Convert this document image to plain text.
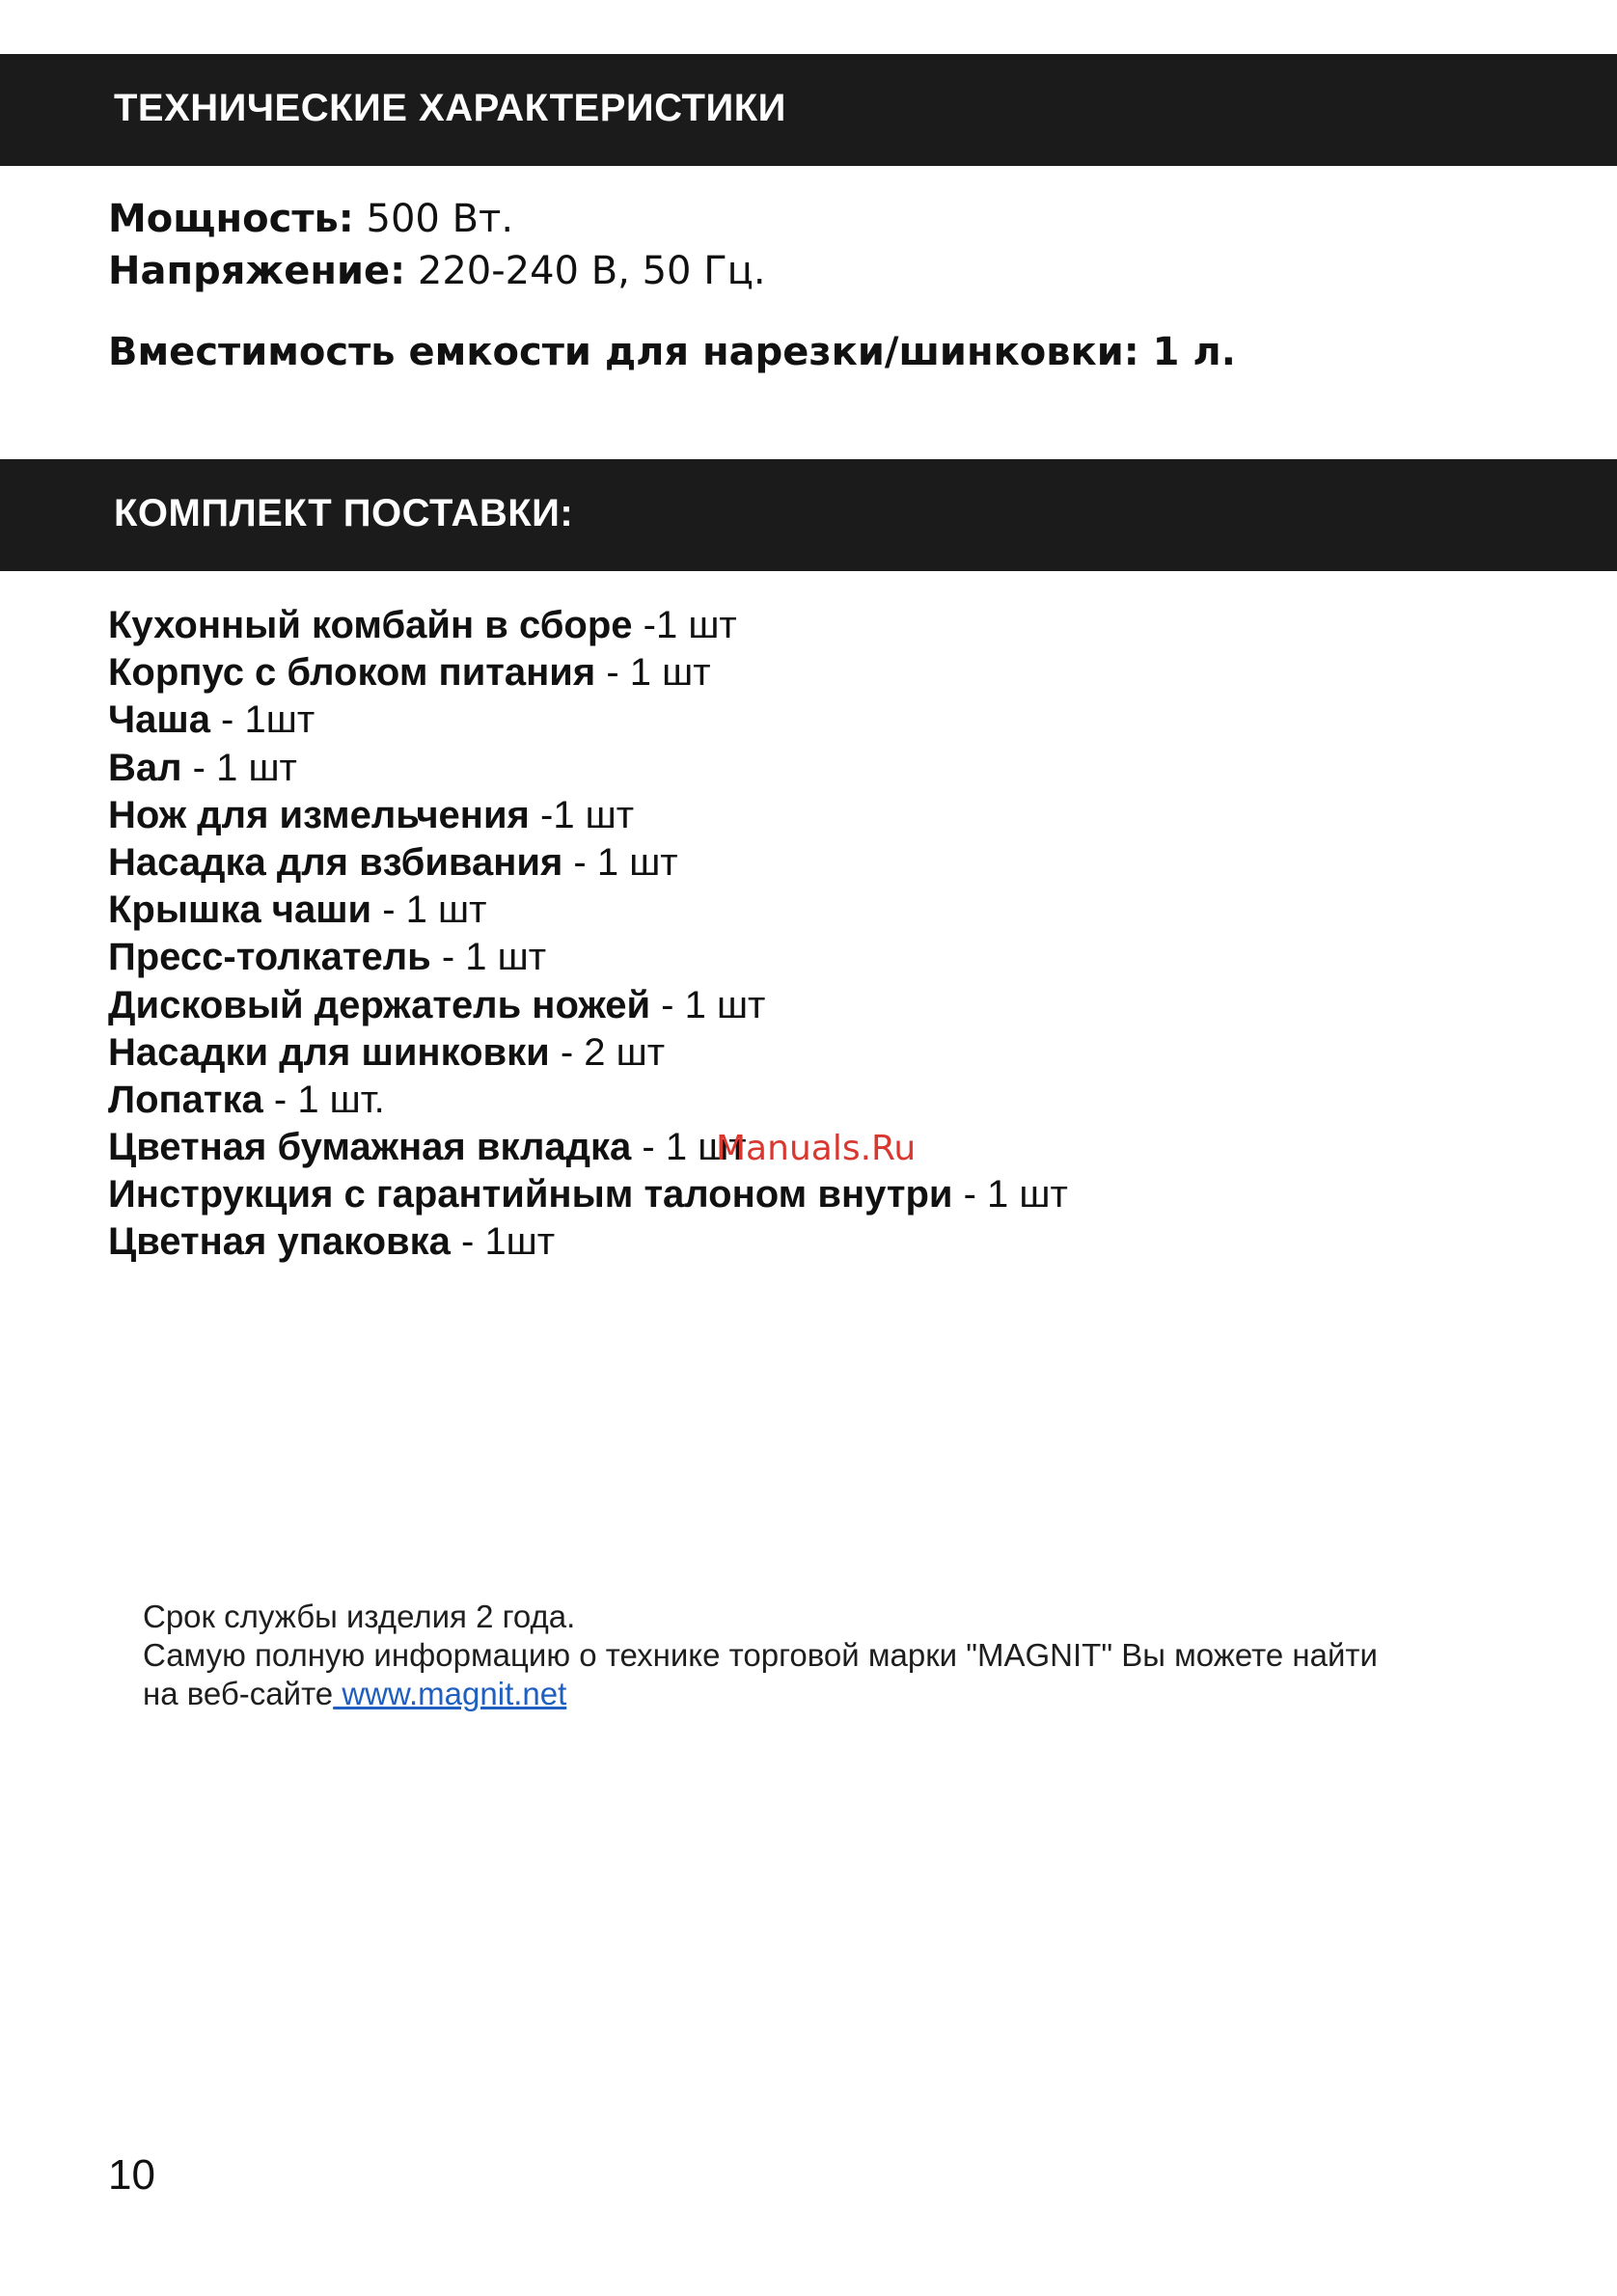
ТЕХНИЧЕСКИЕ ХАРАКТЕРИСТИКИ
Мощность: 500 Вт.
Напряжение: 220-240 В, 50 Гц.
Вместимость емкости для нарезки/шинковки: 1 л.
КОМПЛЕКТ ПОСТАВКИ:
Кухонный комбайн в сборе -1 шт
Корпус с блоком питания - 1 шт
Чаша - 1шт
Вал - 1 шт
Нож для измельчения -1 шт
Насадка для взбивания - 1 шт
Крышка чаши - 1 шт
Пресс-толкатель - 1 шт
Дисковый держатель ножей - 1 шт
Насадки для шинковки - 2 шт
Лопатка - 1 шт.
Цветная бумажная вкладка - 1 шт
Инструкция с гарантийным талоном внутри - 1 шт
Цветная упаковка - 1шт
Manuals.Ru
Срок службы изделия 2 года.
Самую полную информацию о технике торговой марки "MAGNIT" Вы можете найти
на веб-сайте www.magnit.net
10
